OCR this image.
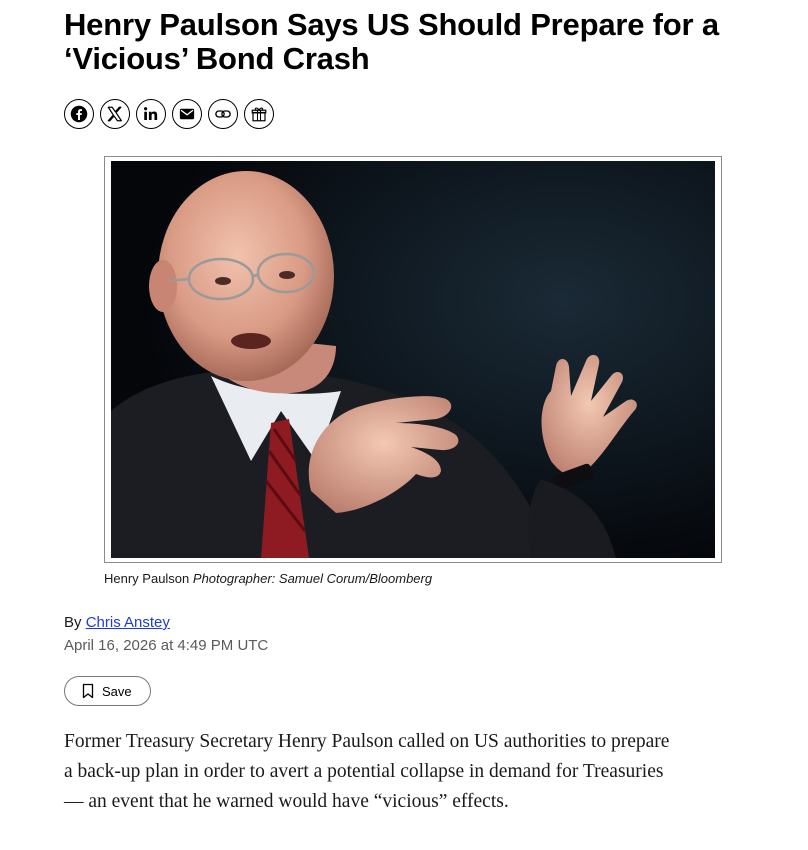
Henry Paulson Says US Should Prepare for a ‘Vicious’ Bond Crash
Henry Paulson Photographer: Samuel Corum/Bloomberg
By Chris Anstey
April 16, 2026 at 4:49 PM UTC
Save

Former Treasury Secretary Henry Paulson called on US authorities to prepare a back-up plan in order to avert a potential collapse in demand for Treasuries — an event that he warned would have “vicious” effects.
